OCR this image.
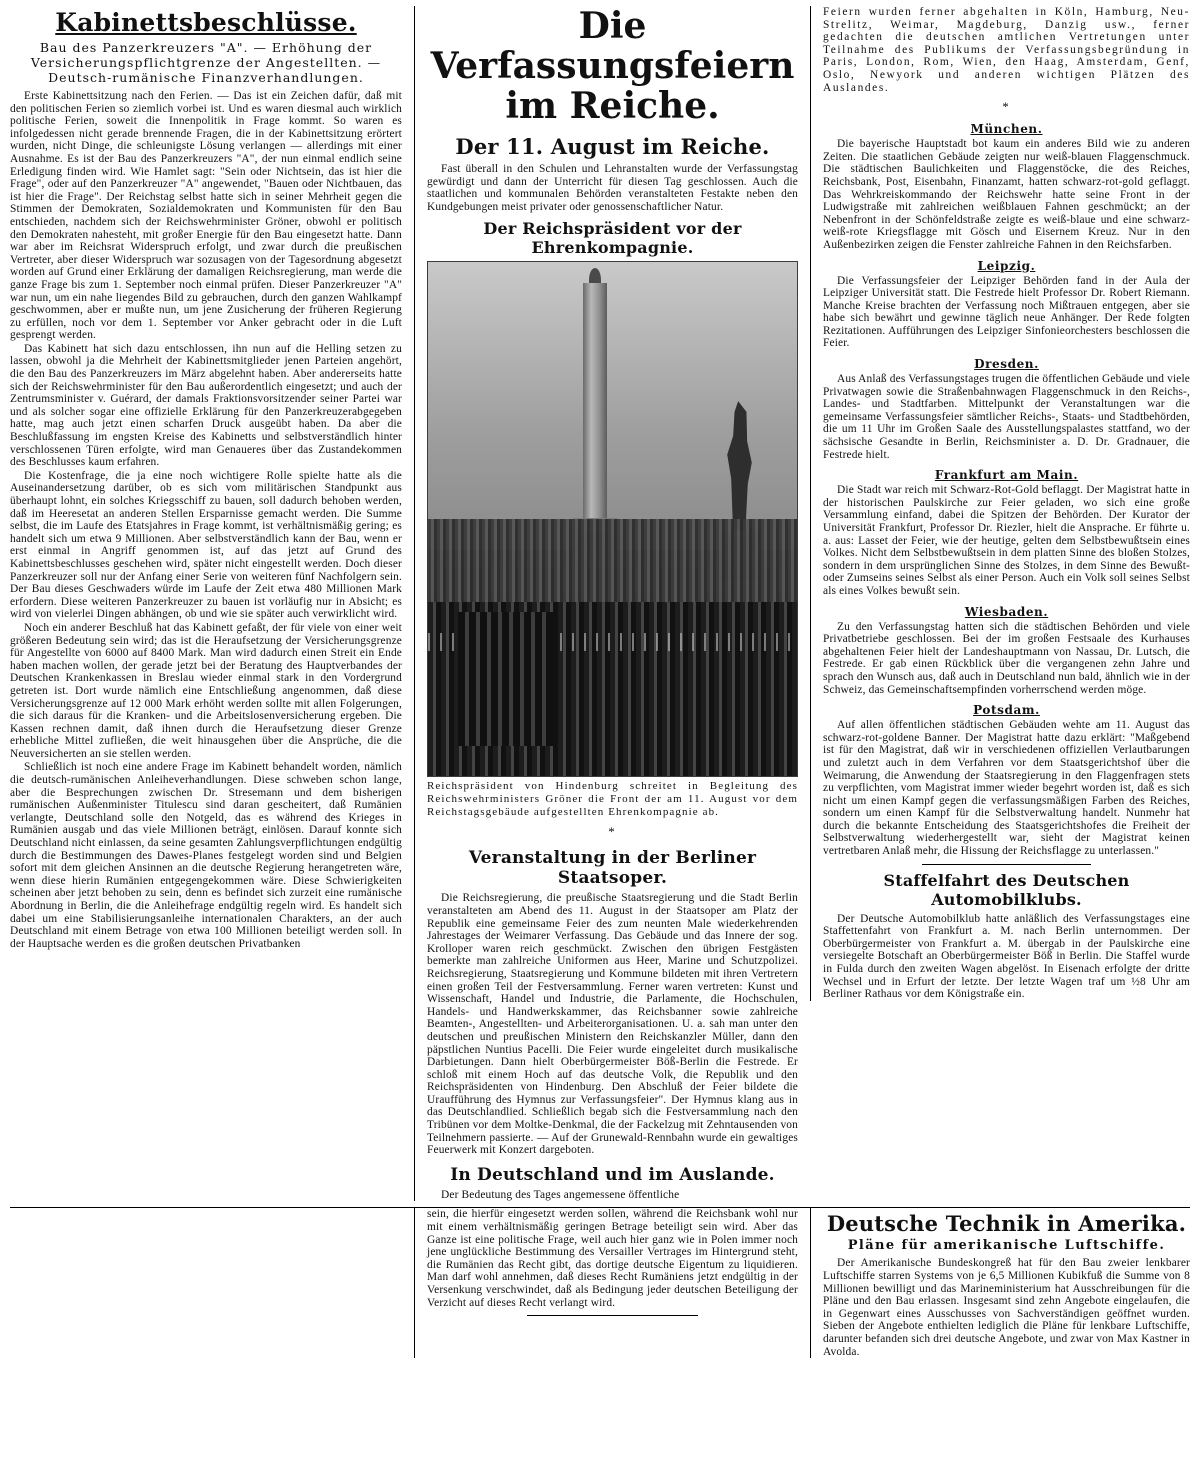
Kabinettsbeschlüsse.
Bau des Panzerkreuzers "A". — Erhöhung der Versicherungspflichtgrenze der Angestellten. — Deutsch-rumänische Finanzverhandlungen.

Erste Kabinettsitzung nach den Ferien. — Das ist ein Zeichen dafür, daß mit den politischen Ferien so ziemlich vorbei ist. Und es waren diesmal auch wirklich politische Ferien, soweit die Innenpolitik in Frage kommt. So waren es infolgedessen nicht gerade brennende Fragen, die in der Kabinettsitzung erörtert wurden, nicht Dinge, die schleunigste Lösung verlangen — allerdings mit einer Ausnahme. Es ist der Bau des Panzerkreuzers "A", der nun einmal endlich seine Erledigung finden wird. Wie Hamlet sagt: "Sein oder Nichtsein, das ist hier die Frage", oder auf den Panzerkreuzer "A" angewendet, "Bauen oder Nichtbauen, das ist hier die Frage". Der Reichstag selbst hatte sich in seiner Mehrheit gegen die Stimmen der Demokraten, Sozialdemokraten und Kommunisten für den Bau entschieden, nachdem sich der Reichswehrminister Gröner, obwohl er politisch den Demokraten nahesteht, mit großer Energie für den Bau eingesetzt hatte. Dann war aber im Reichsrat Widerspruch erfolgt, und zwar durch die preußischen Vertreter, aber dieser Widerspruch war sozusagen von der Tagesordnung abgesetzt worden auf Grund einer Erklärung der damaligen Reichsregierung, man werde die ganze Frage bis zum 1. September noch einmal prüfen. Dieser Panzerkreuzer "A" war nun, um ein nahe liegendes Bild zu gebrauchen, durch den ganzen Wahlkampf geschwommen, aber er mußte nun, um jene Zusicherung der früheren Regierung zu erfüllen, noch vor dem 1. September vor Anker gebracht oder in die Luft gesprengt werden.

Das Kabinett hat sich dazu entschlossen, ihn nun auf die Helling setzen zu lassen, obwohl ja die Mehrheit der Kabinettsmitglieder jenen Parteien angehört, die den Bau des Panzerkreuzers im März abgelehnt haben. Aber andererseits hatte sich der Reichswehrminister für den Bau außerordentlich eingesetzt; und auch der Zentrumsminister v. Guérard, der damals Fraktionsvorsitzender seiner Partei war und als solcher sogar eine offizielle Erklärung für den Panzerkreuzerabgegeben hatte, mag auch jetzt einen scharfen Druck ausgeübt haben. Da aber die Beschlußfassung im engsten Kreise des Kabinetts und selbstverständlich hinter verschlossenen Türen erfolgte, wird man Genaueres über das Zustandekommen des Beschlusses kaum erfahren.

Die Kostenfrage, die ja eine noch wichtigere Rolle spielte hatte als die Auseinandersetzung darüber, ob es sich vom militärischen Standpunkt aus überhaupt lohnt, ein solches Kriegsschiff zu bauen, soll dadurch behoben werden, daß im Heeresetat an anderen Stellen Ersparnisse gemacht werden. Die Summe selbst, die im Laufe des Etatsjahres in Frage kommt, ist verhältnismäßig gering; es handelt sich um etwa 9 Millionen. Aber selbstverständlich kann der Bau, wenn er erst einmal in Angriff genommen ist, auf das jetzt auf Grund des Kabinettsbeschlusses geschehen wird, später nicht eingestellt werden. Doch dieser Panzerkreuzer soll nur der Anfang einer Serie von weiteren fünf Nachfolgern sein. Der Bau dieses Geschwaders würde im Laufe der Zeit etwa 480 Millionen Mark erfordern. Diese weiteren Panzerkreuzer zu bauen ist vorläufig nur in Absicht; es wird von vielerlei Dingen abhängen, ob und wie sie später auch verwirklicht wird.

Noch ein anderer Beschluß hat das Kabinett gefaßt, der für viele von einer weit größeren Bedeutung sein wird; das ist die Heraufsetzung der Versicherungsgrenze für Angestellte von 6000 auf 8400 Mark. Man wird dadurch einen Streit ein Ende haben machen wollen, der gerade jetzt bei der Beratung des Hauptverbandes der Deutschen Krankenkassen in Breslau wieder einmal stark in den Vordergrund getreten ist. Dort wurde nämlich eine Entschließung angenommen, daß diese Versicherungsgrenze auf 12 000 Mark erhöht werden sollte mit allen Folgerungen, die sich daraus für die Kranken- und die Arbeitslosenversicherung ergeben. Die Kassen rechnen damit, daß ihnen durch die Heraufsetzung dieser Grenze erhebliche Mittel zufließen, die weit hinausgehen über die Ansprüche, die die Neuversicherten an sie stellen werden.

Schließlich ist noch eine andere Frage im Kabinett behandelt worden, nämlich die deutsch-rumänischen Anleiheverhandlungen. Diese schweben schon lange, aber die Besprechungen zwischen Dr. Stresemann und dem bisherigen rumänischen Außenminister Titulescu sind daran gescheitert, daß Rumänien verlangte, Deutschland solle den Notgeld, das es während des Krieges in Rumänien ausgab und das viele Millionen beträgt, einlösen. Darauf konnte sich Deutschland nicht einlassen, da seine gesamten Zahlungsverpflichtungen endgültig durch die Bestimmungen des Dawes-Planes festgelegt worden sind und Belgien sofort mit dem gleichen Ansinnen an die deutsche Regierung herangetreten wäre, wenn diese hierin Rumänien entgegengekommen wäre. Diese Schwierigkeiten scheinen aber jetzt behoben zu sein, denn es befindet sich zurzeit eine rumänische Abordnung in Berlin, die die Anleihefrage endgültig regeln wird. Es handelt sich dabei um eine Stabilisierungsanleihe internationalen Charakters, an der auch Deutschland mit einem Betrage von etwa 100 Millionen beteiligt werden soll. In der Hauptsache werden es die großen deutschen Privatbanken

Die Verfassungsfeiern im Reiche.
Der 11. August im Reiche.

Fast überall in den Schulen und Lehranstalten wurde der Verfassungstag gewürdigt und dann der Unterricht für diesen Tag geschlossen. Auch die staatlichen und kommunalen Behörden veranstalteten Festakte neben den Kundgebungen meist privater oder genossenschaftlicher Natur.

Der Reichspräsident vor der Ehrenkompagnie.
Reichspräsident von Hindenburg schreitet in Begleitung des Reichswehrministers Gröner die Front der am 11. August vor dem Reichstagsgebäude aufgestellten Ehrenkompagnie ab.
*
Veranstaltung in der Berliner Staatsoper.

Die Reichsregierung, die preußische Staatsregierung und die Stadt Berlin veranstalteten am Abend des 11. August in der Staatsoper am Platz der Republik eine gemeinsame Feier des zum neunten Male wiederkehrenden Jahrestages der Weimarer Verfassung. Das Gebäude und das Innere der sog. Krolloper waren reich geschmückt. Zwischen den übrigen Festgästen bemerkte man zahlreiche Uniformen aus Heer, Marine und Schutzpolizei. Reichsregierung, Staatsregierung und Kommune bildeten mit ihren Vertretern einen großen Teil der Festversammlung. Ferner waren vertreten: Kunst und Wissenschaft, Handel und Industrie, die Parlamente, die Hochschulen, Handels- und Handwerkskammer, das Reichsbanner sowie zahlreiche Beamten-, Angestellten- und Arbeiterorganisationen. U. a. sah man unter den deutschen und preußischen Ministern den Reichskanzler Müller, dann den päpstlichen Nuntius Pacelli. Die Feier wurde eingeleitet durch musikalische Darbietungen. Dann hielt Oberbürgermeister Böß-Berlin die Festrede. Er schloß mit einem Hoch auf das deutsche Volk, die Republik und den Reichspräsidenten von Hindenburg. Den Abschluß der Feier bildete die Uraufführung des Hymnus zur Verfassungsfeier". Der Hymnus klang aus in das Deutschlandlied. Schließlich begab sich die Festversammlung nach den Tribünen vor dem Moltke-Denkmal, die der Fackelzug mit Zehntausenden von Teilnehmern passierte. — Auf der Grunewald-Rennbahn wurde ein gewaltiges Feuerwerk mit Konzert dargeboten.

In Deutschland und im Auslande.

Der Bedeutung des Tages angemessene öffentliche

Feiern wurden ferner abgehalten in Köln, Hamburg, Neu-Strelitz, Weimar, Magdeburg, Danzig usw., ferner gedachten die deutschen amtlichen Vertretungen unter Teilnahme des Publikums der Verfassungsbegründung in Paris, London, Rom, Wien, den Haag, Amsterdam, Genf, Oslo, Newyork und anderen wichtigen Plätzen des Auslandes.

*
München.

Die bayerische Hauptstadt bot kaum ein anderes Bild wie zu anderen Zeiten. Die staatlichen Gebäude zeigten nur weiß-blauen Flaggenschmuck. Die städtischen Baulichkeiten und Flaggenstöcke, die des Reiches, Reichsbank, Post, Eisenbahn, Finanzamt, hatten schwarz-rot-gold geflaggt. Das Wehrkreiskommando der Reichswehr hatte seine Front in der Ludwigstraße mit zahlreichen weißblauen Fahnen geschmückt; an der Nebenfront in der Schönfeldstraße zeigte es weiß-blaue und eine schwarz-weiß-rote Kriegsflagge mit Gösch und Eisernem Kreuz. Nur in den Außenbezirken zeigen die Fenster zahlreiche Fahnen in den Reichsfarben.

Leipzig.

Die Verfassungsfeier der Leipziger Behörden fand in der Aula der Leipziger Universität statt. Die Festrede hielt Professor Dr. Robert Riemann. Manche Kreise brachten der Verfassung noch Mißtrauen entgegen, aber sie habe sich bewährt und gewinne täglich neue Anhänger. Der Rede folgten Rezitationen. Aufführungen des Leipziger Sinfonieorchesters beschlossen die Feier.

Dresden.

Aus Anlaß des Verfassungstages trugen die öffentlichen Gebäude und viele Privatwagen sowie die Straßenbahnwagen Flaggenschmuck in den Reichs-, Landes- und Stadtfarben. Mittelpunkt der Veranstaltungen war die gemeinsame Verfassungsfeier sämtlicher Reichs-, Staats- und Stadtbehörden, die um 11 Uhr im Großen Saale des Ausstellungspalastes stattfand, wo der sächsische Gesandte in Berlin, Reichsminister a. D. Dr. Gradnauer, die Festrede hielt.

Frankfurt am Main.

Die Stadt war reich mit Schwarz-Rot-Gold beflaggt. Der Magistrat hatte in der historischen Paulskirche zur Feier geladen, wo sich eine große Versammlung einfand, dabei die Spitzen der Behörden. Der Kurator der Universität Frankfurt, Professor Dr. Riezler, hielt die Ansprache. Er führte u. a. aus: Lasset der Feier, wie der heutige, gelten dem Selbstbewußtsein eines Volkes. Nicht dem Selbstbewußtsein in dem platten Sinne des bloßen Stolzes, sondern in dem ursprünglichen Sinne des Stolzes, in dem Sinne des Bewußt- oder Zumseins seines Selbst als einer Person. Auch ein Volk soll seines Selbst als eines Volkes bewußt sein.

Wiesbaden.

Zu den Verfassungstag hatten sich die städtischen Behörden und viele Privatbetriebe geschlossen. Bei der im großen Festsaale des Kurhauses abgehaltenen Feier hielt der Landeshauptmann von Nassau, Dr. Lutsch, die Festrede. Er gab einen Rückblick über die vergangenen zehn Jahre und sprach den Wunsch aus, daß auch in Deutschland nun bald, ähnlich wie in der Schweiz, das Gemeinschaftsempfinden vorherrschend werden möge.

Potsdam.

Auf allen öffentlichen städtischen Gebäuden wehte am 11. August das schwarz-rot-goldene Banner. Der Magistrat hatte dazu erklärt: "Maßgebend ist für den Magistrat, daß wir in verschiedenen offiziellen Verlautbarungen und zuletzt auch in dem Verfahren vor dem Staatsgerichtshof über die Weimarung, die Anwendung der Staatsregierung in den Flaggenfragen stets zu verpflichten, vom Magistrat immer wieder begehrt worden ist, daß es sich nicht um einen Kampf gegen die verfassungsmäßigen Farben des Reiches, sondern um einen Kampf für die Selbstverwaltung handelt. Nunmehr hat durch die bekannte Entscheidung des Staatsgerichtshofes die Freiheit der Selbstverwaltung wiederhergestellt war, sieht der Magistrat keinen vertretbaren Anlaß mehr, die Hissung der Reichsflagge zu unterlassen."

Staffelfahrt des Deutschen Automobilklubs.

Der Deutsche Automobilklub hatte anläßlich des Verfassungstages eine Staffettenfahrt von Frankfurt a. M. nach Berlin unternommen. Der Oberbürgermeister von Frankfurt a. M. übergab in der Paulskirche eine versiegelte Botschaft an Oberbürgermeister Böß in Berlin. Die Staffel wurde in Fulda durch den zweiten Wagen abgelöst. In Eisenach erfolgte der dritte Wechsel und in Erfurt der letzte. Der letzte Wagen traf um ½8 Uhr am Berliner Rathaus vor dem Königstraße ein.

sein, die hierfür eingesetzt werden sollen, während die Reichsbank wohl nur mit einem verhältnismäßig geringen Betrage beteiligt sein wird. Aber das Ganze ist eine politische Frage, weil auch hier ganz wie in Polen immer noch jene unglückliche Bestimmung des Versailler Vertrages im Hintergrund steht, die Rumänien das Recht gibt, das dortige deutsche Eigentum zu liquidieren. Man darf wohl annehmen, daß dieses Recht Rumäniens jetzt endgültig in der Versenkung verschwindet, daß als Bedingung jeder deutschen Beteiligung der Verzicht auf dieses Recht verlangt wird.

Deutsche Technik in Amerika.
Pläne für amerikanische Luftschiffe.

Der Amerikanische Bundeskongreß hat für den Bau zweier lenkbarer Luftschiffe starren Systems von je 6,5 Millionen Kubikfuß die Summe von 8 Millionen bewilligt und das Marineministerium hat Ausschreibungen für die Pläne und den Bau erlassen. Insgesamt sind zehn Angebote eingelaufen, die in Gegenwart eines Ausschusses von Sachverständigen geöffnet wurden. Sieben der Angebote enthielten lediglich die Pläne für lenkbare Luftschiffe, darunter befanden sich drei deutsche Angebote, und zwar von Max Kastner in Avolda.
